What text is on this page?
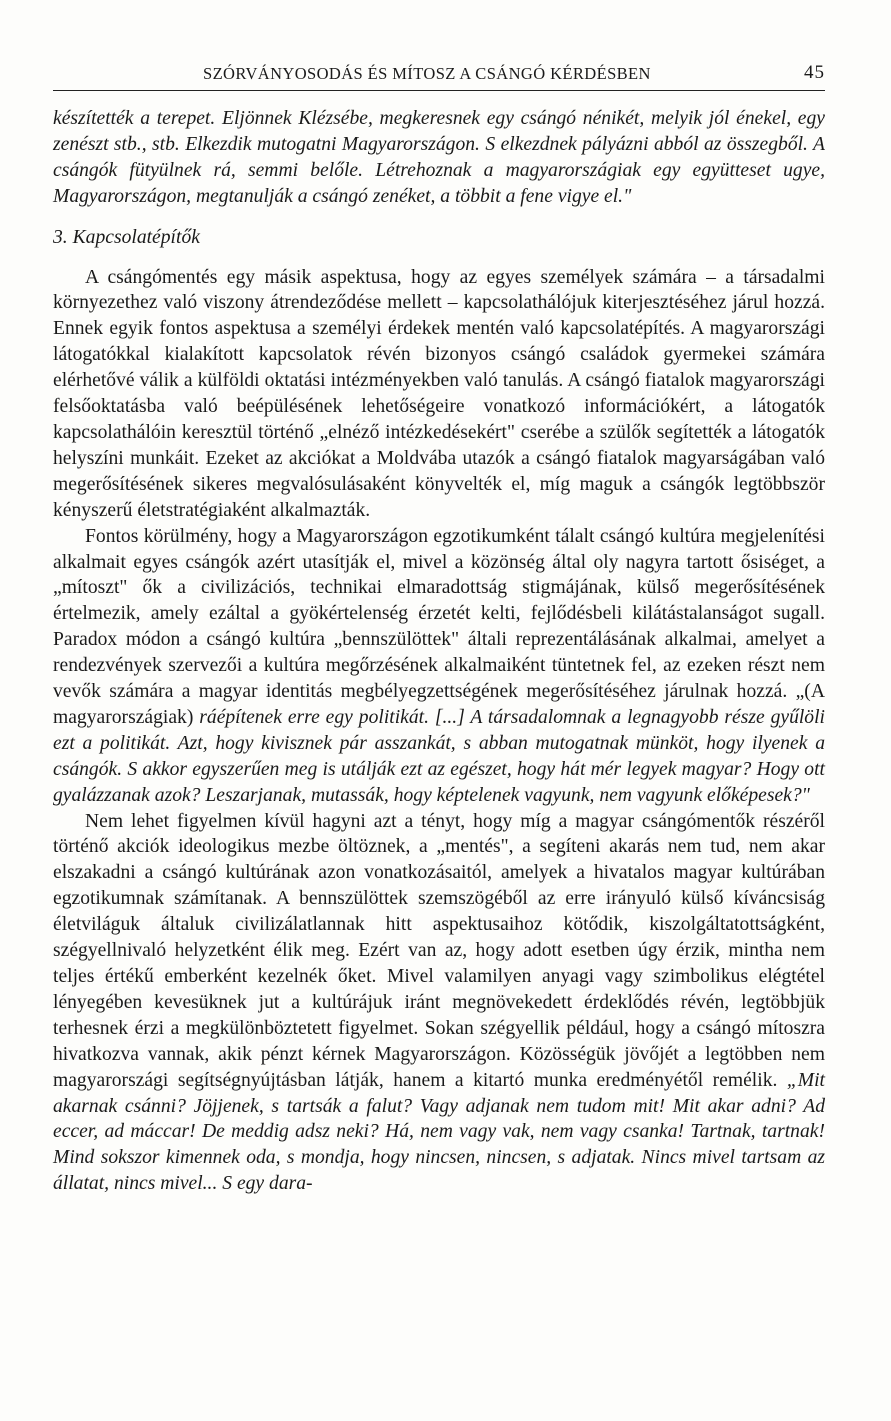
SZÓRVÁNYOSODÁS ÉS MÍTOSZ A CSÁNGÓ KÉRDÉSBEN	45

készítették a terepet. Eljönnek Klézsébe, megkeresnek egy csángó nénikét, melyik jól énekel, egy zenészt stb., stb. Elkezdik mutogatni Magyarországon. S elkezdnek pályázni abból az összegből. A csángók fütyülnek rá, semmi belőle. Létrehoznak a magyarországiak egy együtteset ugye, Magyarországon, megtanulják a csángó zenéket, a többit a fene vigye el."

3. Kapcsolatépítők

A csángómentés egy másik aspektusa, hogy az egyes személyek számára – a társadalmi környezethez való viszony átrendeződése mellett – kapcsolathálójuk kiterjesztéséhez járul hozzá. Ennek egyik fontos aspektusa a személyi érdekek mentén való kapcsolatépítés. A magyarországi látogatókkal kialakított kapcsolatok révén bizonyos csángó családok gyermekei számára elérhetővé válik a külföldi oktatási intézményekben való tanulás. A csángó fiatalok magyarországi felsőoktatásba való beépülésének lehetőségeire vonatkozó információkért, a látogatók kapcsolathálóin keresztül történő „elnéző intézkedésekért" cserébe a szülők segítették a látogatók helyszíni munkáit. Ezeket az akciókat a Moldvába utazók a csángó fiatalok magyarságában való megerősítésének sikeres megvalósulásaként könyvelték el, míg maguk a csángók legtöbbször kényszerű életstratégiaként alkalmazták.

Fontos körülmény, hogy a Magyarországon egzotikumként tálalt csángó kultúra megjelenítési alkalmait egyes csángók azért utasítják el, mivel a közönség által oly nagyra tartott ősiséget, a „mítoszt" ők a civilizációs, technikai elmaradottság stigmájának, külső megerősítésének értelmezik, amely ezáltal a gyökértelenség érzetét kelti, fejlődésbeli kilátástalanságot sugall. Paradox módon a csángó kultúra „bennszülöttek" általi reprezentálásának alkalmai, amelyet a rendezvények szervezői a kultúra megőrzésének alkalmaiként tüntetnek fel, az ezeken részt nem vevők számára a magyar identitás megbélyegzettségének megerősítéséhez járulnak hozzá. „(A magyarországiak) ráépítenek erre egy politikát. [...] A társadalomnak a legnagyobb része gyűlöli ezt a politikát. Azt, hogy kivisznek pár asszankát, s abban mutogatnak münköt, hogy ilyenek a csángók. S akkor egyszerűen meg is utálják ezt az egészet, hogy hát mér legyek magyar? Hogy ott gyalázzanak azok? Leszarjanak, mutassák, hogy képtelenek vagyunk, nem vagyunk előképesek?"

Nem lehet figyelmen kívül hagyni azt a tényt, hogy míg a magyar csángómentők részéről történő akciók ideologikus mezbe öltöznek, a „mentés", a segíteni akarás nem tud, nem akar elszakadni a csángó kultúrának azon vonatkozásaitól, amelyek a hivatalos magyar kultúrában egzotikumnak számítanak. A bennszülöttek szemszögéből az erre irányuló külső kíváncsiság életviláguk általuk civilizálatlannak hitt aspektusaihoz kötődik, kiszolgáltatottságként, szégyellnivaló helyzetként élik meg. Ezért van az, hogy adott esetben úgy érzik, mintha nem teljes értékű emberként kezelnék őket. Mivel valamilyen anyagi vagy szimbolikus elégtétel lényegében kevesüknek jut a kultúrájuk iránt megnövekedett érdeklődés révén, legtöbbjük terhesnek érzi a megkülönböztetett figyelmet. Sokan szégyellik például, hogy a csángó mítoszra hivatkozva vannak, akik pénzt kérnek Magyarországon. Közösségük jövőjét a legtöbben nem magyarországi segítségnyújtásban látják, hanem a kitartó munka eredményétől remélik. „Mit akarnak csánni? Jöjjenek, s tartsák a falut? Vagy adjanak nem tudom mit! Mit akar adni? Ad eccer, ad máccar! De meddig adsz neki? Há, nem vagy vak, nem vagy csanka! Tartnak, tartnak! Mind sokszor kimennek oda, s mondja, hogy nincsen, nincsen, s adjatak. Nincs mivel tartsam az állatat, nincs mivel... S egy dara-
